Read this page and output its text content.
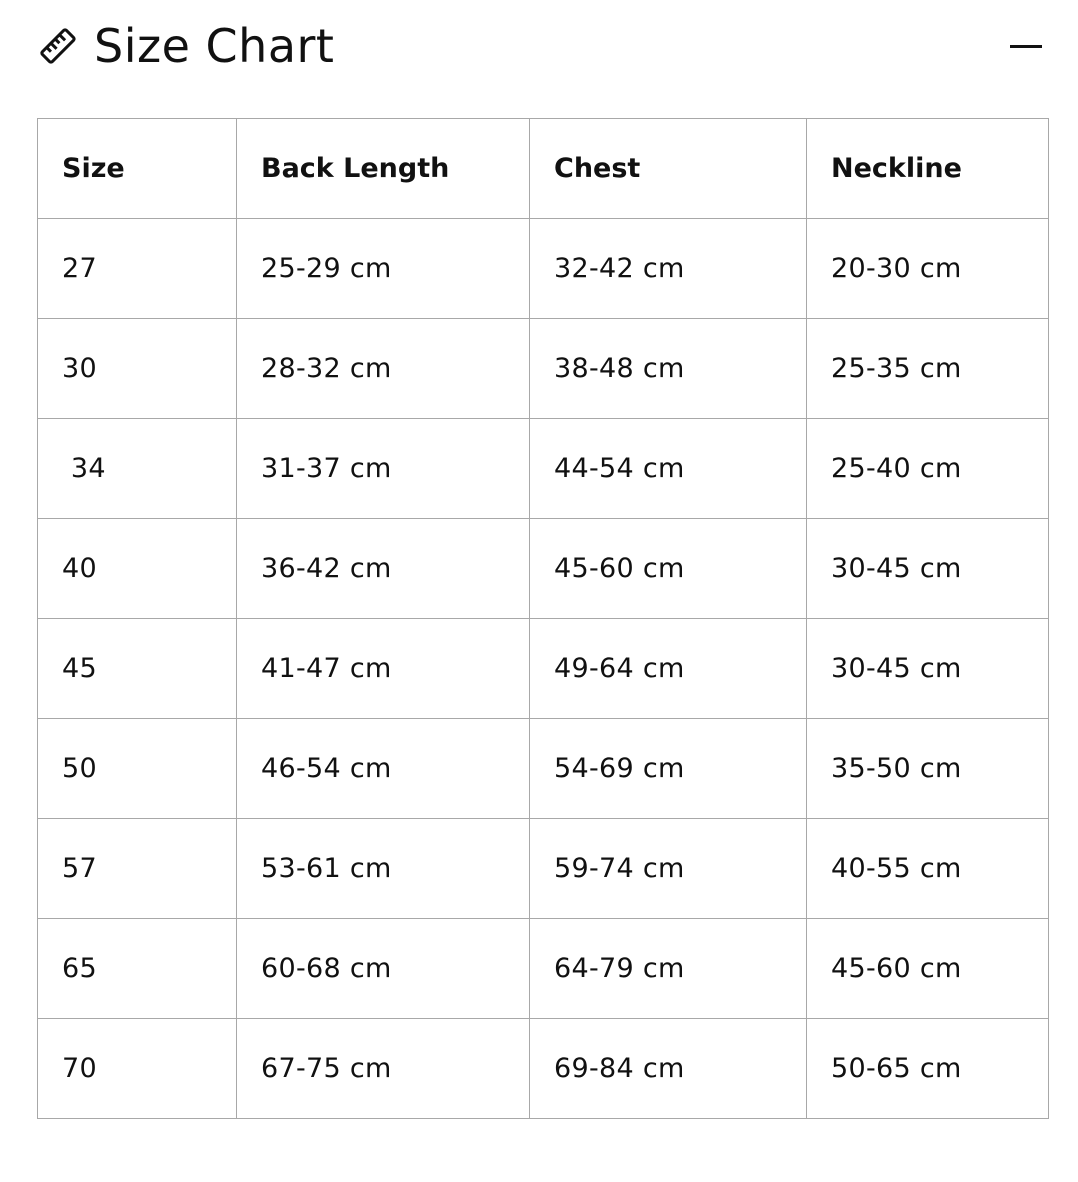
Size Chart
Size	Back Length	Chest	Neckline
27	25-29 cm	32-42 cm	20-30 cm
30	28-32 cm	38-48 cm	25-35 cm
34	31-37 cm	44-54 cm	25-40 cm
40	36-42 cm	45-60 cm	30-45 cm
45	41-47 cm	49-64 cm	30-45 cm
50	46-54 cm	54-69 cm	35-50 cm
57	53-61 cm	59-74 cm	40-55 cm
65	60-68 cm	64-79 cm	45-60 cm
70	67-75 cm	69-84 cm	50-65 cm
